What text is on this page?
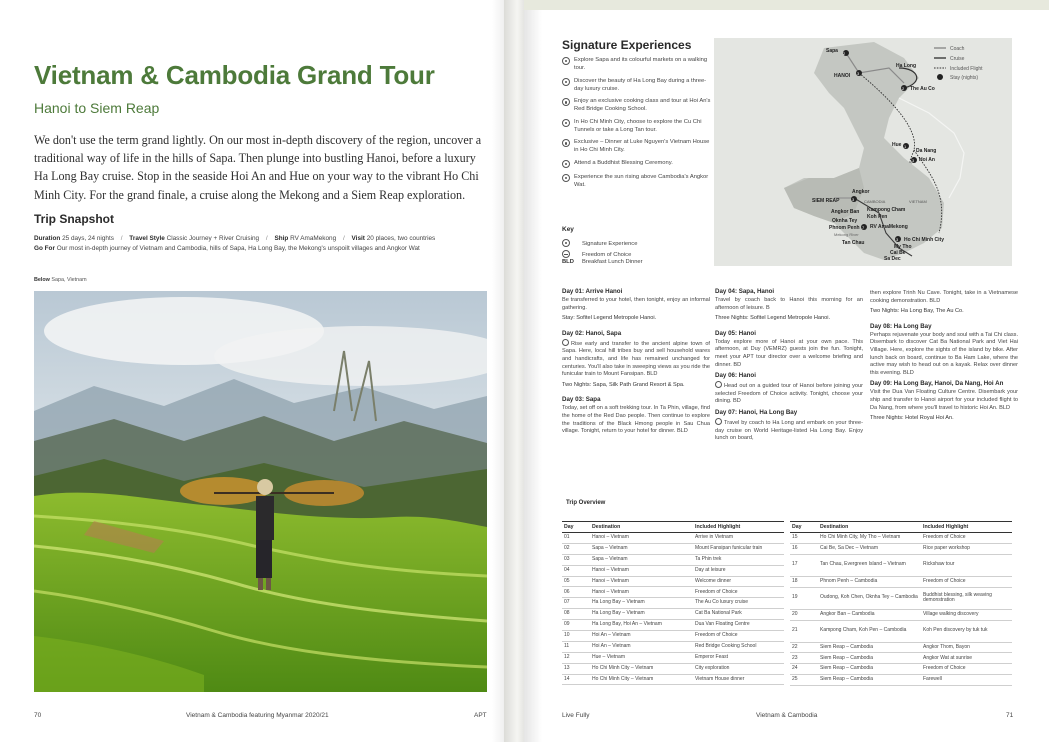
Vietnam & Cambodia Grand Tour
Hanoi to Siem Reap
We don't use the term grand lightly. On our most in-depth discovery of the region, uncover a traditional way of life in the hills of Sapa. Then plunge into bustling Hanoi, before a luxury Ha Long Bay cruise. Stop in the seaside Hoi An and Hue on your way to the vibrant Ho Chi Minh City. For the grand finale, a cruise along the Mekong and a Siem Reap exploration.
Trip Snapshot
Duration 25 days, 24 nights / Travel Style Classic Journey + River Cruising / Ship RV AmaMekong / Visit 20 places, two countries
Go For Our most in-depth journey of Vietnam and Cambodia, hills of Sapa, Ha Long Bay, the Mekong's unspoilt villages and Angkor Wat
Below Sapa, Vietnam
70	Vietnam & Cambodia featuring Myanmar 2020/21	APT
Signature Experiences
Explore Sapa and its colourful markets on a walking tour.
Discover the beauty of Ha Long Bay during a three-day luxury cruise.
Enjoy an exclusive cooking class and tour at Hoi An's Red Bridge Cooking School.
In Ho Chi Minh City, choose to explore the Cu Chi Tunnels or take a Long Tan tour.
Exclusive – Dinner at Luke Nguyen's Vietnam House in Ho Chi Minh City.
Attend a Buddhist Blessing Ceremony.
Experience the sun rising above Cambodia's Angkor Wat.
Key
Signature Experience
Freedom of Choice
BLD	Breakfast Lunch Dinner
Coach
Cruise
Included Flight
Stay (nights)
2
Sapa
3
HANOI
Ha Long
2 The Au Co
1
Hue
Da Nang
3 Hoi An
Angkor
3
SIEM REAP	CAMBODIA	VIETNAM
Angkor Ban Kampong Cham
Koh Pen
Oknha Tey
Phnom Penh 7 RV AmaMekong
Mekong River
Tan Chau
3 Ho Chi Minh City
My Tho
Cai Be
Sa Dec
Day 01: Arrive Hanoi
Be transferred to your hotel, then tonight, enjoy an informal gathering.
Stay: Sofitel Legend Metropole Hanoi.
Day 02: Hanoi, Sapa
Rise early and transfer to the ancient alpine town of Sapa. Here, local hill tribes buy and sell household wares and handicrafts, and life has remained unchanged for centuries. You'll also take in sweeping views as you ride the funicular train to Mount Fansipan. BLD
Two Nights: Sapa, Silk Path Grand Resort & Spa.
Day 03: Sapa
Today, set off on a soft trekking tour. In Ta Phin, village, find the home of the Red Dao people. Then continue to explore the traditions of the Black Hmong people in Sau Chua village. Tonight, return to your hotel for dinner. BLD
Day 04: Sapa, Hanoi
Travel by coach back to Hanoi this morning for an afternoon of leisure. B
Three Nights: Sofitel Legend Metropole Hanoi.
Day 05: Hanoi
Today explore more of Hanoi at your own pace. This afternoon, at Duy (VEMRZ) guests join the fun. Tonight, meet your APT tour director over a welcome briefing and dinner. BD
Day 06: Hanoi
Head out on a guided tour of Hanoi before joining your selected Freedom of Choice activity. Tonight, choose your dining. BD
Day 07: Hanoi, Ha Long Bay
Travel by coach to Ha Long and embark on your three-day cruise on World Heritage-listed Ha Long Bay. Enjoy lunch on board,
then explore Trinh Nu Cave. Tonight, take in a Vietnamese cooking demonstration. BLD
Two Nights: Ha Long Bay, The Au Co.
Day 08: Ha Long Bay
Perhaps rejuvenate your body and soul with a Tai Chi class. Disembark to discover Cat Ba National Park and Viet Hai Village. Here, explore the sights of the island by bike. After lunch back on board, continue to Ba Ham Lake, where the active may wish to head out on a kayak. Relax over dinner this evening. BLD
Day 09: Ha Long Bay, Hanoi, Da Nang, Hoi An
Visit the Dua Van Floating Culture Centre. Disembark your ship and transfer to Hanoi airport for your included flight to Da Nang, from where you'll travel to historic Hoi An. BLD
Three Nights: Hotel Royal Hoi An.
Trip Overview
Day	Destination	Included Highlight
01	Hanoi – Vietnam	Arrive in Vietnam
02	Sapa – Vietnam	Mount Fansipan funicular train
03	Sapa – Vietnam	Ta Phin trek
04	Hanoi – Vietnam	Day at leisure
05	Hanoi – Vietnam	Welcome dinner
06	Hanoi – Vietnam	Freedom of Choice
07	Ha Long Bay – Vietnam	The Au Co luxury cruise
08	Ha Long Bay – Vietnam	Cat Ba National Park
09	Ha Long Bay, Hoi An – Vietnam	Dua Van Floating Centre
10	Hoi An – Vietnam	Freedom of Choice
11	Hoi An – Vietnam	Red Bridge Cooking School
12	Hue – Vietnam	Emperor Feast
13	Ho Chi Minh City – Vietnam	City exploration
14	Ho Chi Minh City – Vietnam	Vietnam House dinner
Day	Destination	Included Highlight
15	Ho Chi Minh City, My Tho – Vietnam	Freedom of Choice
16	Cai Be, Sa Dec – Vietnam	Rice paper workshop
17	Tan Chau, Evergreen Island – Vietnam	Rickshaw tour
18	Phnom Penh – Cambodia	Freedom of Choice
19	Oudong, Koh Chen, Oknha Tey – Cambodia	Buddhist blessing, silk weaving demonstration
20	Angkor Ban – Cambodia	Village walking discovery
21	Kampong Cham, Koh Pen – Cambodia	Koh Pen discovery by tuk tuk
22	Siem Reap – Cambodia	Angkor Thom, Bayon
23	Siem Reap – Cambodia	Angkor Wat at sunrise
24	Siem Reap – Cambodia	Freedom of Choice
25	Siem Reap – Cambodia	Farewell
Live Fully	Vietnam & Cambodia	71
